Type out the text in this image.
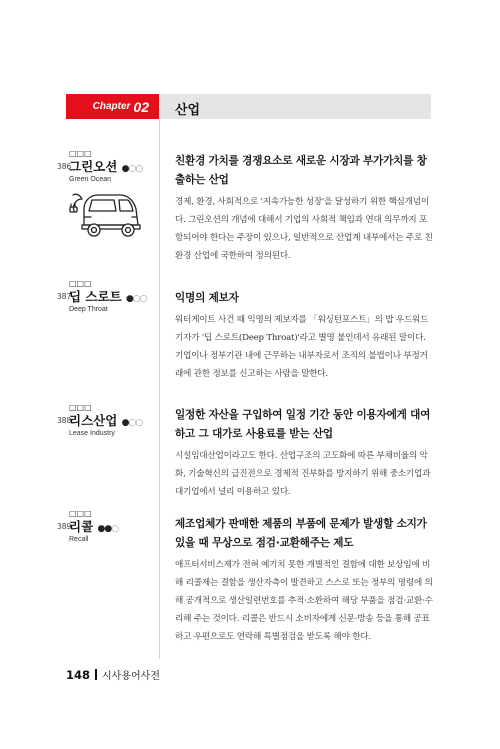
Chapter 02 산업
□□□
386
그린오션 ●○○
Green Ocean
친환경 가치를 경쟁요소로 새로운 시장과 부가가치를 창출하는 산업
경제, 환경, 사회적으로 '지속가능한 성장'을 달성하기 위한 핵심개념이다. 그린오션의 개념에 대해서 기업의 사회적 책임과 연대 의무까지 포함되어야 한다는 주장이 있으나, 일반적으로 산업계 내부에서는 주로 친환경 산업에 국한하여 정의된다.
□□□
387
딥 스로트 ●○○
Deep Throat
익명의 제보자
워터게이트 사건 때 익명의 제보자를 「워싱턴포스트」의 밥 우드워드 기자가 '딥 스로트(Deep Throat)'라고 별명 붙인데서 유래된 말이다. 기업이나 정부기관 내에 근무하는 내부자로서 조직의 불법이나 부정거래에 관한 정보를 신고하는 사람을 말한다.
□□□
388
리스산업 ●○○
Lease Industry
일정한 자산을 구입하여 일정 기간 동안 이용자에게 대여하고 그 대가로 사용료를 받는 산업
시설임대산업이라고도 한다. 산업구조의 고도화에 따른 부채비율의 악화, 기술혁신의 급진전으로 경제적 진부화를 방지하기 위해 중소기업과 대기업에서 널리 이용하고 있다.
□□□
389
리콜 ●●○
Recall
제조업체가 판매한 제품의 부품에 문제가 발생할 소지가 있을 때 무상으로 점검·교환해주는 제도
애프터서비스제가 전혀 예기치 못한 개별적인 결함에 대한 보상임에 비해 리콜제는 결함을 생산자측이 발견하고 스스로 또는 정부의 명령에 의해 공개적으로 생산일련번호를 추적·소환하여 해당 부품을 점검·교환·수리해 주는 것이다. 리콜은 반드시 소비자에게 신문·방송 등을 통해 공표하고 우편으로도 연락해 특별점검을 받도록 해야 한다.
148 시사용어사전
